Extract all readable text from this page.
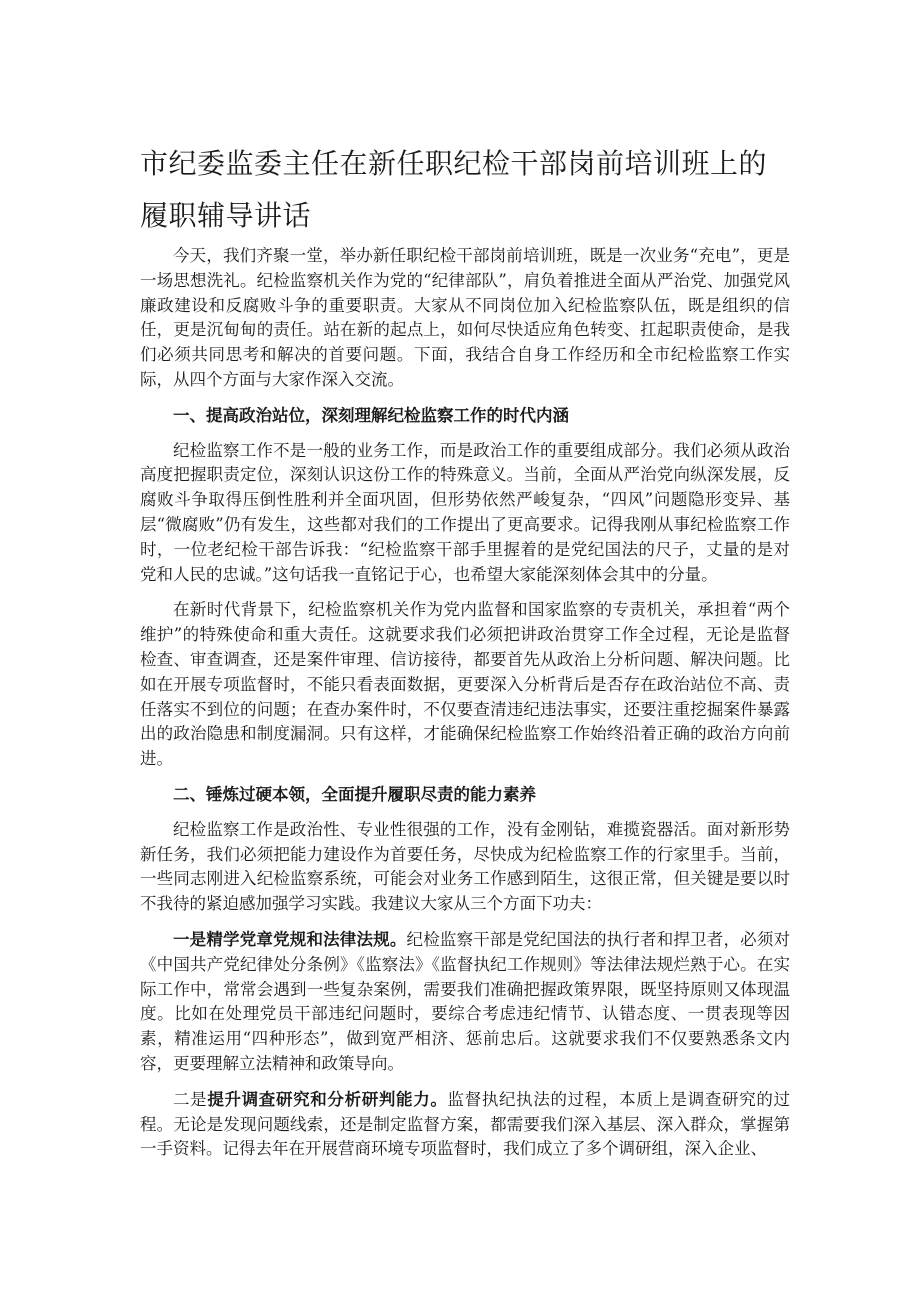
市纪委监委主任在新任职纪检干部岗前培训班上的
履职辅导讲话

今天，我们齐聚一堂，举办新任职纪检干部岗前培训班，既是一次业务“充电”，更是一场思想洗礼。纪检监察机关作为党的“纪律部队”，肩负着推进全面从严治党、加强党风廉政建设和反腐败斗争的重要职责。大家从不同岗位加入纪检监察队伍，既是组织的信任，更是沉甸甸的责任。站在新的起点上，如何尽快适应角色转变、扛起职责使命，是我们必须共同思考和解决的首要问题。下面，我结合自身工作经历和全市纪检监察工作实际，从四个方面与大家作深入交流。

一、提高政治站位，深刻理解纪检监察工作的时代内涵

纪检监察工作不是一般的业务工作，而是政治工作的重要组成部分。我们必须从政治高度把握职责定位，深刻认识这份工作的特殊意义。当前，全面从严治党向纵深发展，反腐败斗争取得压倒性胜利并全面巩固，但形势依然严峻复杂，“四风”问题隐形变异、基层“微腐败”仍有发生，这些都对我们的工作提出了更高要求。记得我刚从事纪检监察工作时，一位老纪检干部告诉我：“纪检监察干部手里握着的是党纪国法的尺子，丈量的是对党和人民的忠诚。”这句话我一直铭记于心，也希望大家能深刻体会其中的分量。

在新时代背景下，纪检监察机关作为党内监督和国家监察的专责机关，承担着“两个维护”的特殊使命和重大责任。这就要求我们必须把讲政治贯穿工作全过程，无论是监督检查、审查调查，还是案件审理、信访接待，都要首先从政治上分析问题、解决问题。比如在开展专项监督时，不能只看表面数据，更要深入分析背后是否存在政治站位不高、责任落实不到位的问题；在查办案件时，不仅要查清违纪违法事实，还要注重挖掘案件暴露出的政治隐患和制度漏洞。只有这样，才能确保纪检监察工作始终沿着正确的政治方向前进。

二、锤炼过硬本领，全面提升履职尽责的能力素养

纪检监察工作是政治性、专业性很强的工作，没有金刚钻，难揽瓷器活。面对新形势新任务，我们必须把能力建设作为首要任务，尽快成为纪检监察工作的行家里手。当前，一些同志刚进入纪检监察系统，可能会对业务工作感到陌生，这很正常，但关键是要以时不我待的紧迫感加强学习实践。我建议大家从三个方面下功夫：

一是精学党章党规和法律法规。纪检监察干部是党纪国法的执行者和捍卫者，必须对《中国共产党纪律处分条例》《监察法》《监督执纪工作规则》等法律法规烂熟于心。在实际工作中，常常会遇到一些复杂案例，需要我们准确把握政策界限，既坚持原则又体现温度。比如在处理党员干部违纪问题时，要综合考虑违纪情节、认错态度、一贯表现等因素，精准运用“四种形态”，做到宽严相济、惩前忠后。这就要求我们不仅要熟悉条文内容，更要理解立法精神和政策导向。

二是提升调查研究和分析研判能力。监督执纪执法的过程，本质上是调查研究的过程。无论是发现问题线索，还是制定监督方案，都需要我们深入基层、深入群众，掌握第一手资料。记得去年在开展营商环境专项监督时，我们成立了多个调研组，深入企业、
